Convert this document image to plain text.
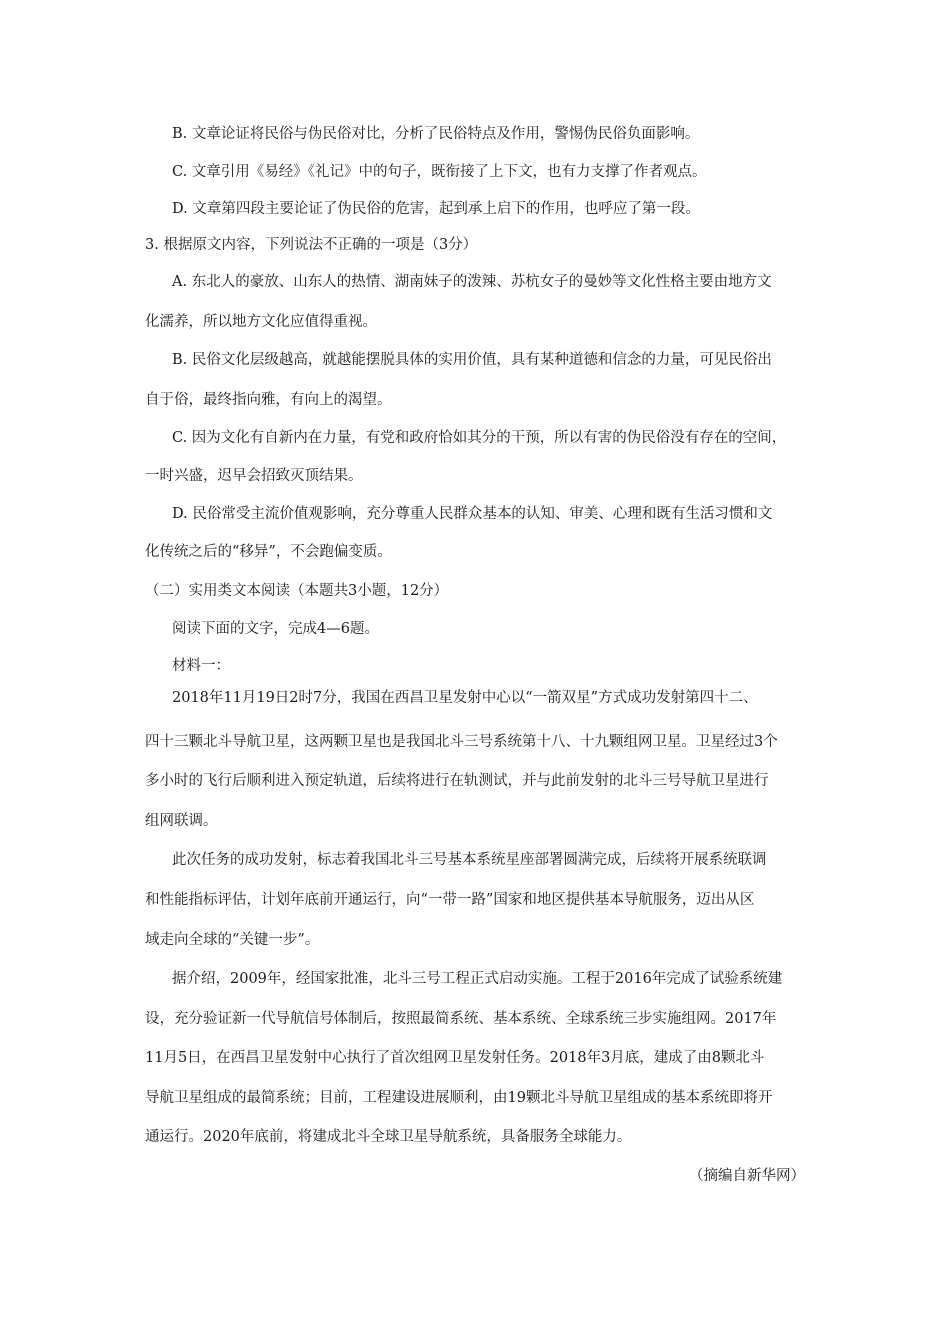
B. 文章论证将民俗与伪民俗对比，分析了民俗特点及作用，警惕伪民俗负面影响。
C. 文章引用《易经》《礼记》中的句子，既衔接了上下文，也有力支撑了作者观点。
D. 文章第四段主要论证了伪民俗的危害，起到承上启下的作用，也呼应了第一段。
3. 根据原文内容，下列说法不正确的一项是（3分）
A. 东北人的豪放、山东人的热情、湖南妹子的泼辣、苏杭女子的曼妙等文化性格主要由地方文
化濡养，所以地方文化应值得重视。
B. 民俗文化层级越高，就越能摆脱具体的实用价值，具有某种道德和信念的力量，可见民俗出
自于俗，最终指向雅，有向上的渴望。
C. 因为文化有自新内在力量，有党和政府恰如其分的干预，所以有害的伪民俗没有存在的空间，
一时兴盛，迟早会招致灭顶结果。
D. 民俗常受主流价值观影响，充分尊重人民群众基本的认知、审美、心理和既有生活习惯和文
化传统之后的“移异”，不会跑偏变质。
（二）实用类文本阅读（本题共3小题，12分）
阅读下面的文字，完成4—6题。
材料一：
2018年11月19日2时7分，我国在西昌卫星发射中心以“一箭双星”方式成功发射第四十二、
四十三颗北斗导航卫星，这两颗卫星也是我国北斗三号系统第十八、十九颗组网卫星。卫星经过3个
多小时的飞行后顺利进入预定轨道，后续将进行在轨测试，并与此前发射的北斗三号导航卫星进行
组网联调。
此次任务的成功发射，标志着我国北斗三号基本系统星座部署圆满完成，后续将开展系统联调
和性能指标评估，计划年底前开通运行，向“一带一路”国家和地区提供基本导航服务，迈出从区
域走向全球的“关键一步”。
据介绍，2009年，经国家批准，北斗三号工程正式启动实施。工程于2016年完成了试验系统建
设，充分验证新一代导航信号体制后，按照最简系统、基本系统、全球系统三步实施组网。2017年
11月5日，在西昌卫星发射中心执行了首次组网卫星发射任务。2018年3月底，建成了由8颗北斗
导航卫星组成的最简系统；目前，工程建设进展顺利，由19颗北斗导航卫星组成的基本系统即将开
通运行。2020年底前，将建成北斗全球卫星导航系统，具备服务全球能力。
（摘编自新华网）
